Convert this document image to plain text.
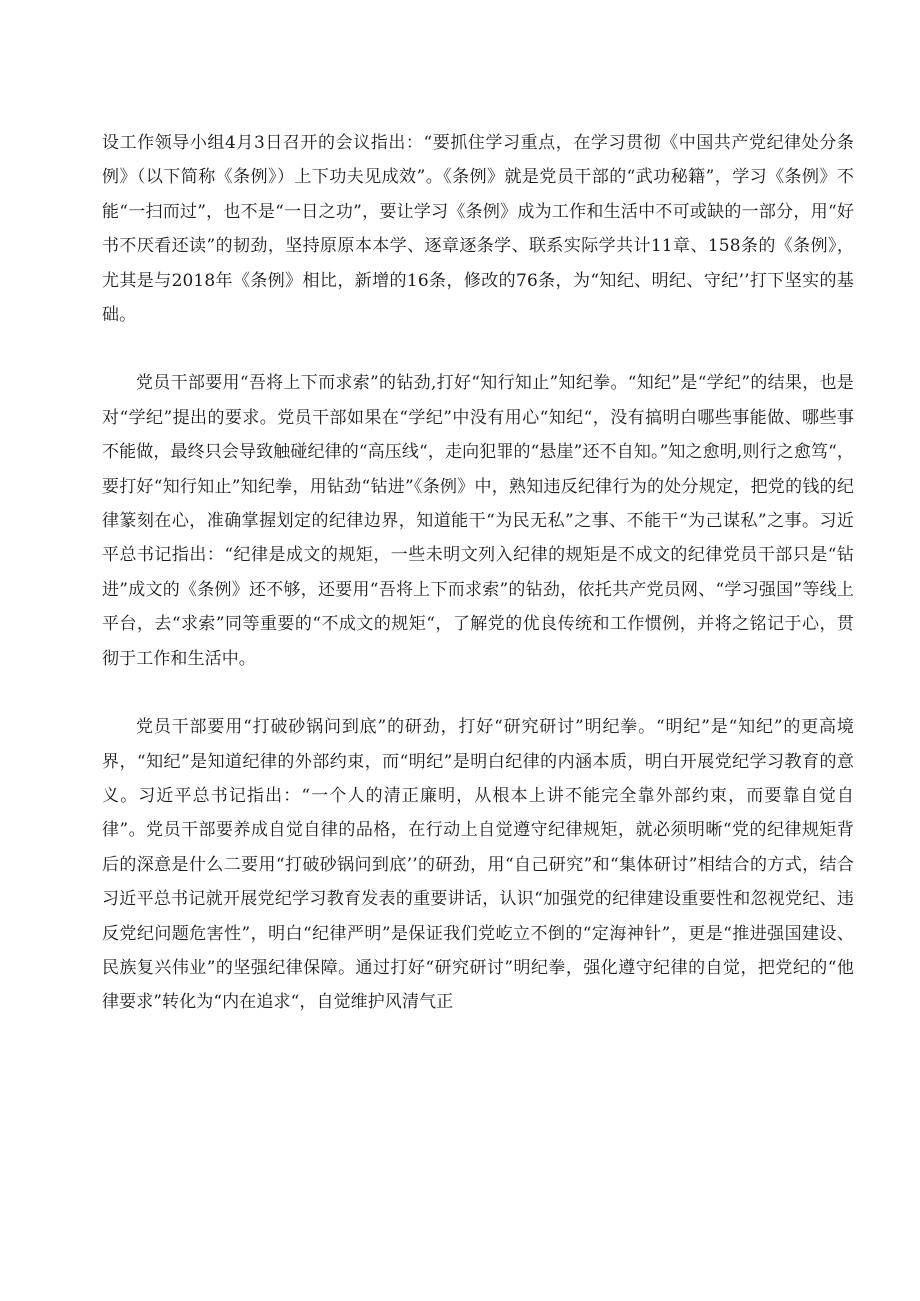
设工作领导小组4月3日召开的会议指出：“要抓住学习重点，在学习贯彻《中国共产党纪律处分条例》（以下简称《条例》）上下功夫见成效”。《条例》就是党员干部的“武功秘籍”，学习《条例》不能“一扫而过”，也不是“一日之功”，要让学习《条例》成为工作和生活中不可或缺的一部分，用“好书不厌看还读”的韧劲，坚持原原本本学、逐章逐条学、联系实际学共计11章、158条的《条例》，尤其是与2018年《条例》相比，新增的16条，修改的76条，为“知纪、明纪、守纪’’打下坚实的基础。

党员干部要用“吾将上下而求索”的钻劲,打好“知行知止”知纪拳。“知纪”是“学纪”的结果，也是对“学纪”提出的要求。党员干部如果在“学纪”中没有用心“知纪“，没有搞明白哪些事能做、哪些事不能做，最终只会导致触碰纪律的“高压线“，走向犯罪的“悬崖”还不自知。”知之愈明,则行之愈笃“，要打好“知行知止”知纪拳，用钻劲“钻进”《条例》中，熟知违反纪律行为的处分规定，把党的钱的纪律篆刻在心，准确掌握划定的纪律边界，知道能干“为民无私”之事、不能干“为己谋私”之事。习近平总书记指出：“纪律是成文的规矩，一些未明文列入纪律的规矩是不成文的纪律党员干部只是“钻进”成文的《条例》还不够，还要用“吾将上下而求索”的钻劲，依托共产党员网、“学习强国”等线上平台，去“求索”同等重要的“不成文的规矩“，了解党的优良传统和工作惯例，并将之铭记于心，贯彻于工作和生活中。

党员干部要用“打破砂锅问到底”的研劲，打好“研究研讨”明纪拳。“明纪”是“知纪”的更高境界，“知纪”是知道纪律的外部约束，而“明纪”是明白纪律的内涵本质，明白开展党纪学习教育的意义。习近平总书记指出：“一个人的清正廉明，从根本上讲不能完全靠外部约束，而要靠自觉自律”。党员干部要养成自觉自律的品格，在行动上自觉遵守纪律规矩，就必须明晰“党的纪律规矩背后的深意是什么二要用“打破砂锅问到底’’的研劲，用“自己研究”和“集体研讨”相结合的方式，结合习近平总书记就开展党纪学习教育发表的重要讲话，认识“加强党的纪律建设重要性和忽视党纪、违反党纪问题危害性”，明白“纪律严明”是保证我们党屹立不倒的“定海神针”，更是“推进强国建设、民族复兴伟业”的坚强纪律保障。通过打好“研究研讨”明纪拳，强化遵守纪律的自觉，把党纪的“他律要求”转化为“内在追求“，自觉维护风清气正
